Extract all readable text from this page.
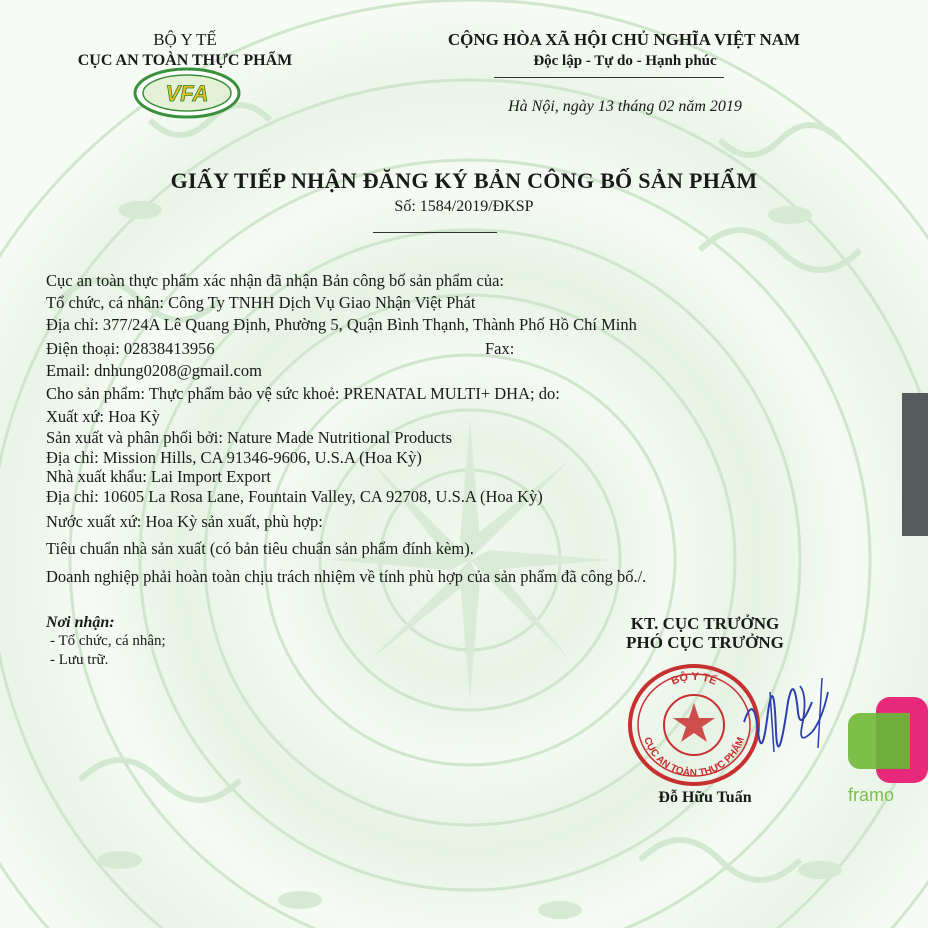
BỘ Y TẾ
CỤC AN TOÀN THỰC PHẨM
VFA
CỘNG HÒA XÃ HỘI CHỦ NGHĨA VIỆT NAM
Độc lập - Tự do - Hạnh phúc
Hà Nội, ngày 13 tháng 02 năm 2019
GIẤY TIẾP NHẬN ĐĂNG KÝ BẢN CÔNG BỐ SẢN PHẨM
Số: 1584/2019/ĐKSP
Cục an toàn thực phẩm xác nhận đã nhận Bản công bố sản phẩm của:
Tổ chức, cá nhân: Công Ty TNHH Dịch Vụ Giao Nhận Việt Phát
Địa chỉ: 377/24A Lê Quang Định, Phường 5, Quận Bình Thạnh, Thành Phố Hồ Chí Minh
Điện thoại: 02838413956	Fax:
Email: dnhung0208@gmail.com
Cho sản phẩm: Thực phẩm bảo vệ sức khoẻ: PRENATAL MULTI+ DHA; do:
Xuất xứ: Hoa Kỳ
Sản xuất và phân phối bởi: Nature Made Nutritional Products
Địa chỉ: Mission Hills, CA 91346-9606, U.S.A (Hoa Kỳ)
Nhà xuất khẩu: Lai Import Export
Địa chỉ: 10605 La Rosa Lane, Fountain Valley, CA 92708, U.S.A (Hoa Kỳ)
Nước xuất xứ: Hoa Kỳ sản xuất, phù hợp:
Tiêu chuẩn nhà sản xuất (có bản tiêu chuẩn sản phẩm đính kèm).
Doanh nghiệp phải hoàn toàn chịu trách nhiệm về tính phù hợp của sản phẩm đã công bố./.
Nơi nhận:
- Tổ chức, cá nhân;
- Lưu trữ.
KT. CỤC TRƯỞNG
PHÓ CỤC TRƯỞNG
BỘ Y TẾ
CỤC AN TOÀN THỰC PHẨM
Đỗ Hữu Tuấn	framo
